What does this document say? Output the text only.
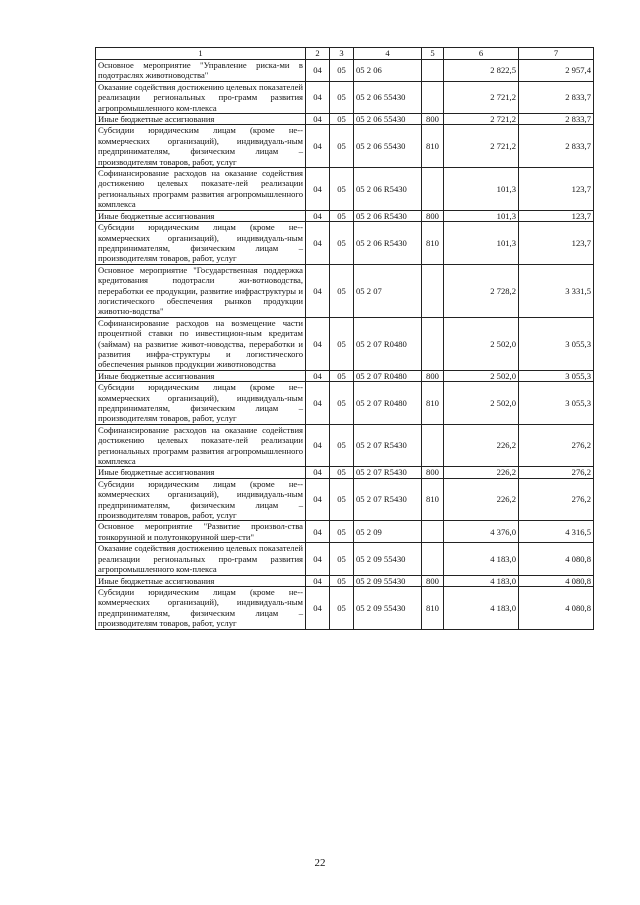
1	2	3	4	5	6	7
Основное мероприятие "Управление риска-ми в подотраслях животноводства"	04	05	05 2 06		2 822,5	2 957,4
Оказание содействия достижению целевых показателей реализации региональных про-грамм развития агропромышленного ком-плекса	04	05	05 2 06 55430		2 721,2	2 833,7
Иные бюджетные ассигнования	04	05	05 2 06 55430	800	2 721,2	2 833,7
Субсидии юридическим лицам (кроме не-коммерческих организаций), индивидуаль-ным предпринимателям, физическим лицам – производителям товаров, работ, услуг	04	05	05 2 06 55430	810	2 721,2	2 833,7
Софинансирование расходов на оказание содействия достижению целевых показате-лей реализации региональных программ развития агропромышленного комплекса	04	05	05 2 06 R5430		101,3	123,7
Иные бюджетные ассигнования	04	05	05 2 06 R5430	800	101,3	123,7
Субсидии юридическим лицам (кроме не-коммерческих организаций), индивидуаль-ным предпринимателям, физическим лицам – производителям товаров, работ, услуг	04	05	05 2 06 R5430	810	101,3	123,7
Основное мероприятие "Государственная поддержка кредитования подотрасли жи-вотноводства, переработки ее продукции, развитие инфраструктуры и логистического обеспечения рынков продукции животно-водства"	04	05	05 2 07		2 728,2	3 331,5
Софинансирование расходов на возмещение части процентной ставки по инвестицион-ным кредитам (займам) на развитие живот-новодства, переработки и развития инфра-структуры и логистического обеспечения рынков продукции животноводства	04	05	05 2 07 R0480		2 502,0	3 055,3
Иные бюджетные ассигнования	04	05	05 2 07 R0480	800	2 502,0	3 055,3
Субсидии юридическим лицам (кроме не-коммерческих организаций), индивидуаль-ным предпринимателям, физическим лицам – производителям товаров, работ, услуг	04	05	05 2 07 R0480	810	2 502,0	3 055,3
Софинансирование расходов на оказание содействия достижению целевых показате-лей реализации региональных программ развития агропромышленного комплекса	04	05	05 2 07 R5430		226,2	276,2
Иные бюджетные ассигнования	04	05	05 2 07 R5430	800	226,2	276,2
Субсидии юридическим лицам (кроме не-коммерческих организаций), индивидуаль-ным предпринимателям, физическим лицам – производителям товаров, работ, услуг	04	05	05 2 07 R5430	810	226,2	276,2
Основное мероприятие "Развитие произвол-ства тонкорунной и полутонкорунной шер-сти"	04	05	05 2 09		4 376,0	4 316,5
Оказание содействия достижению целевых показателей реализации региональных про-грамм развития агропромышленного ком-плекса	04	05	05 2 09 55430		4 183,0	4 080,8
Иные бюджетные ассигнования	04	05	05 2 09 55430	800	4 183,0	4 080,8
Субсидии юридическим лицам (кроме не-коммерческих организаций), индивидуаль-ным предпринимателям, физическим лицам – производителям товаров, работ, услуг	04	05	05 2 09 55430	810	4 183,0	4 080,8
22
